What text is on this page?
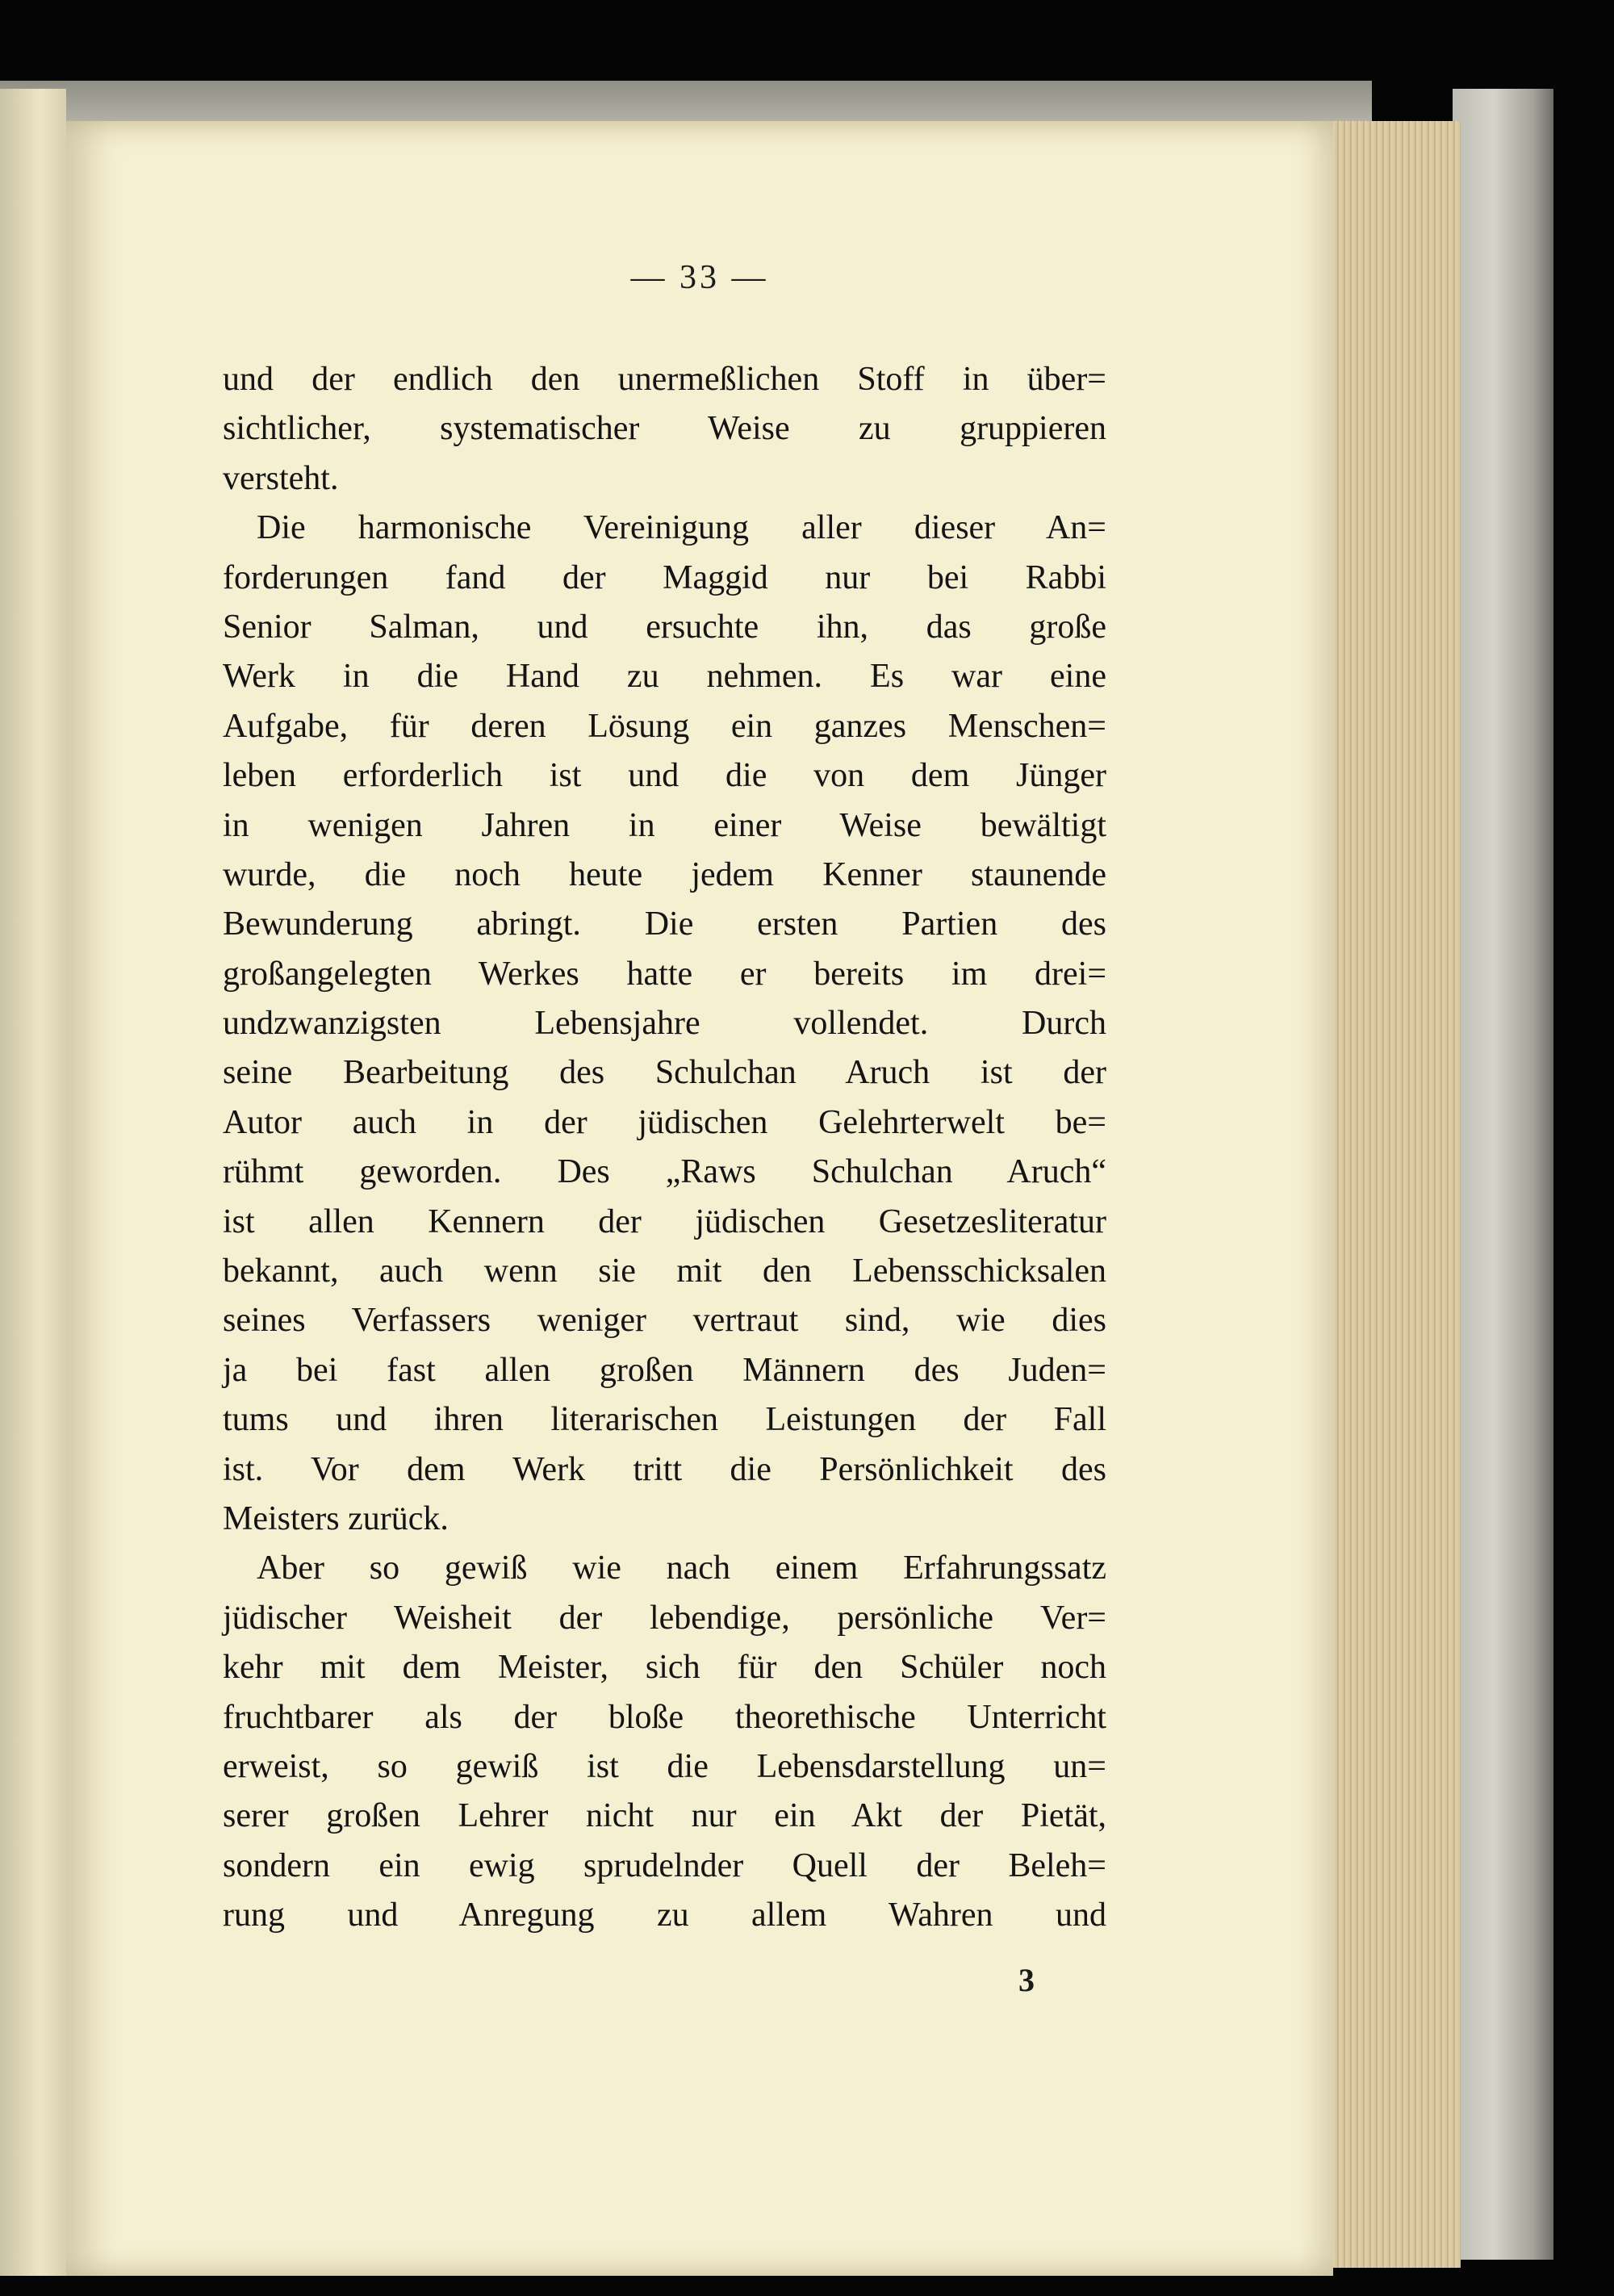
— 33 —
und der endlich den unermeßlichen Stoff in über=
sichtlicher, systematischer Weise zu gruppieren
versteht.
Die harmonische Vereinigung aller dieser An=
forderungen fand der Maggid nur bei Rabbi
Senior Salman, und ersuchte ihn, das große
Werk in die Hand zu nehmen. Es war eine
Aufgabe, für deren Lösung ein ganzes Menschen=
leben erforderlich ist und die von dem Jünger
in wenigen Jahren in einer Weise bewältigt
wurde, die noch heute jedem Kenner staunende
Bewunderung abringt. Die ersten Partien des
großangelegten Werkes hatte er bereits im drei=
undzwanzigsten Lebensjahre vollendet. Durch
seine Bearbeitung des Schulchan Aruch ist der
Autor auch in der jüdischen Gelehrterwelt be=
rühmt geworden. Des „Raws Schulchan Aruch“
ist allen Kennern der jüdischen Gesetzesliteratur
bekannt, auch wenn sie mit den Lebensschicksalen
seines Verfassers weniger vertraut sind, wie dies
ja bei fast allen großen Männern des Juden=
tums und ihren literarischen Leistungen der Fall
ist. Vor dem Werk tritt die Persönlichkeit des
Meisters zurück.
Aber so gewiß wie nach einem Erfahrungssatz
jüdischer Weisheit der lebendige, persönliche Ver=
kehr mit dem Meister, sich für den Schüler noch
fruchtbarer als der bloße theorethische Unterricht
erweist, so gewiß ist die Lebensdarstellung un=
serer großen Lehrer nicht nur ein Akt der Pietät,
sondern ein ewig sprudelnder Quell der Beleh=
rung und Anregung zu allem Wahren und
3
